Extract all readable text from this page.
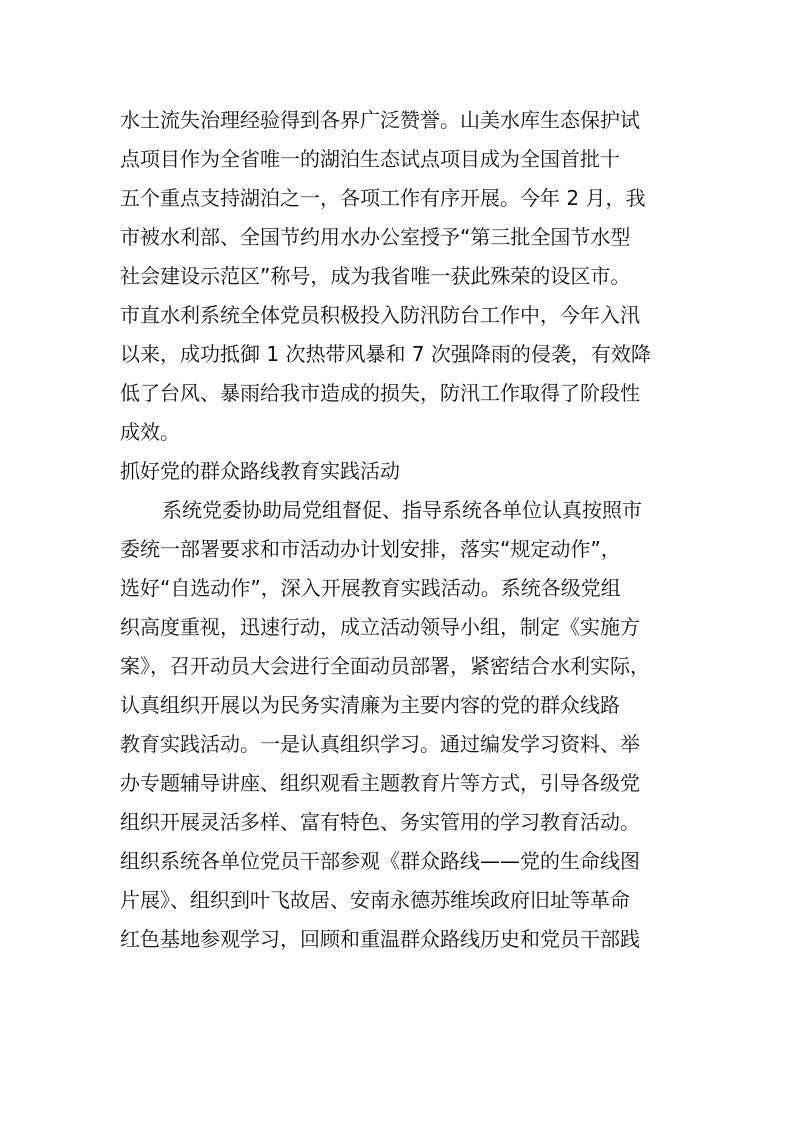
水土流失治理经验得到各界广泛赞誉。山美水库生态保护试
点项目作为全省唯一的湖泊生态试点项目成为全国首批十
五个重点支持湖泊之一，各项工作有序开展。今年 2 月，我
市被水利部、全国节约用水办公室授予“第三批全国节水型
社会建设示范区”称号，成为我省唯一获此殊荣的设区市。
市直水利系统全体党员积极投入防汛防台工作中，今年入汛
以来，成功抵御 1 次热带风暴和 7 次强降雨的侵袭，有效降
低了台风、暴雨给我市造成的损失，防汛工作取得了阶段性
成效。
抓好党的群众路线教育实践活动
系统党委协助局党组督促、指导系统各单位认真按照市
委统一部署要求和市活动办计划安排，落实“规定动作”，
选好“自选动作”，深入开展教育实践活动。系统各级党组
织高度重视，迅速行动，成立活动领导小组，制定《实施方
案》，召开动员大会进行全面动员部署，紧密结合水利实际，
认真组织开展以为民务实清廉为主要内容的党的群众线路
教育实践活动。一是认真组织学习。通过编发学习资料、举
办专题辅导讲座、组织观看主题教育片等方式，引导各级党
组织开展灵活多样、富有特色、务实管用的学习教育活动。
组织系统各单位党员干部参观《群众路线——党的生命线图
片展》、组织到叶飞故居、安南永德苏维埃政府旧址等革命
红色基地参观学习，回顾和重温群众路线历史和党员干部践
